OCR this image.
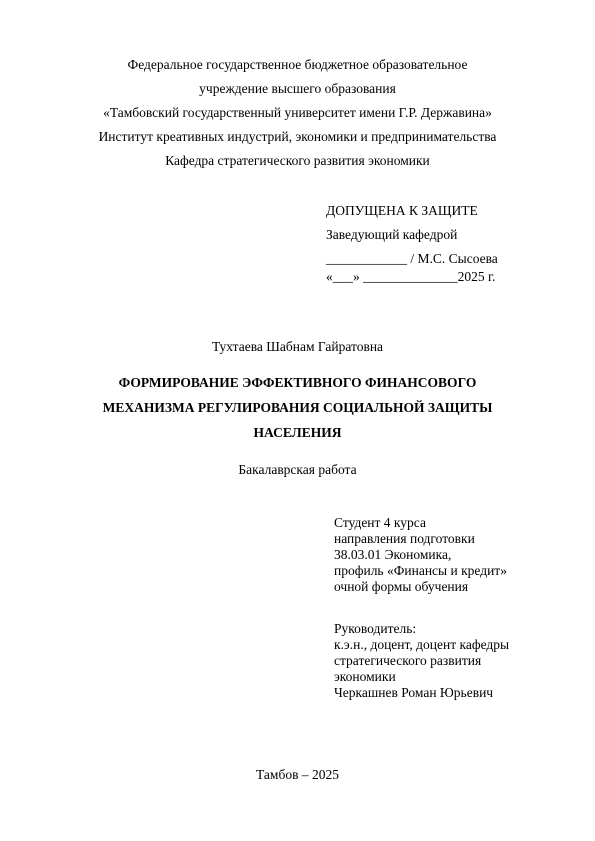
Федеральное государственное бюджетное образовательное
учреждение высшего образования
«Тамбовский государственный университет имени Г.Р. Державина»
Институт креативных индустрий, экономики и предпринимательства
Кафедра стратегического развития экономики
ДОПУЩЕНА К ЗАЩИТЕ
Заведующий кафедрой
____________ / М.С. Сысоева
«___» ______________2025 г.
Тухтаева Шабнам Гайратовна
ФОРМИРОВАНИЕ ЭФФЕКТИВНОГО ФИНАНСОВОГО
МЕХАНИЗМА РЕГУЛИРОВАНИЯ СОЦИАЛЬНОЙ ЗАЩИТЫ
НАСЕЛЕНИЯ
Бакалаврская работа
Студент 4 курса
направления подготовки
38.03.01 Экономика,
профиль «Финансы и кредит»
очной формы обучения
Руководитель:
к.э.н., доцент, доцент кафедры
стратегического развития
экономики
Черкашнев Роман Юрьевич
Тамбов – 2025
